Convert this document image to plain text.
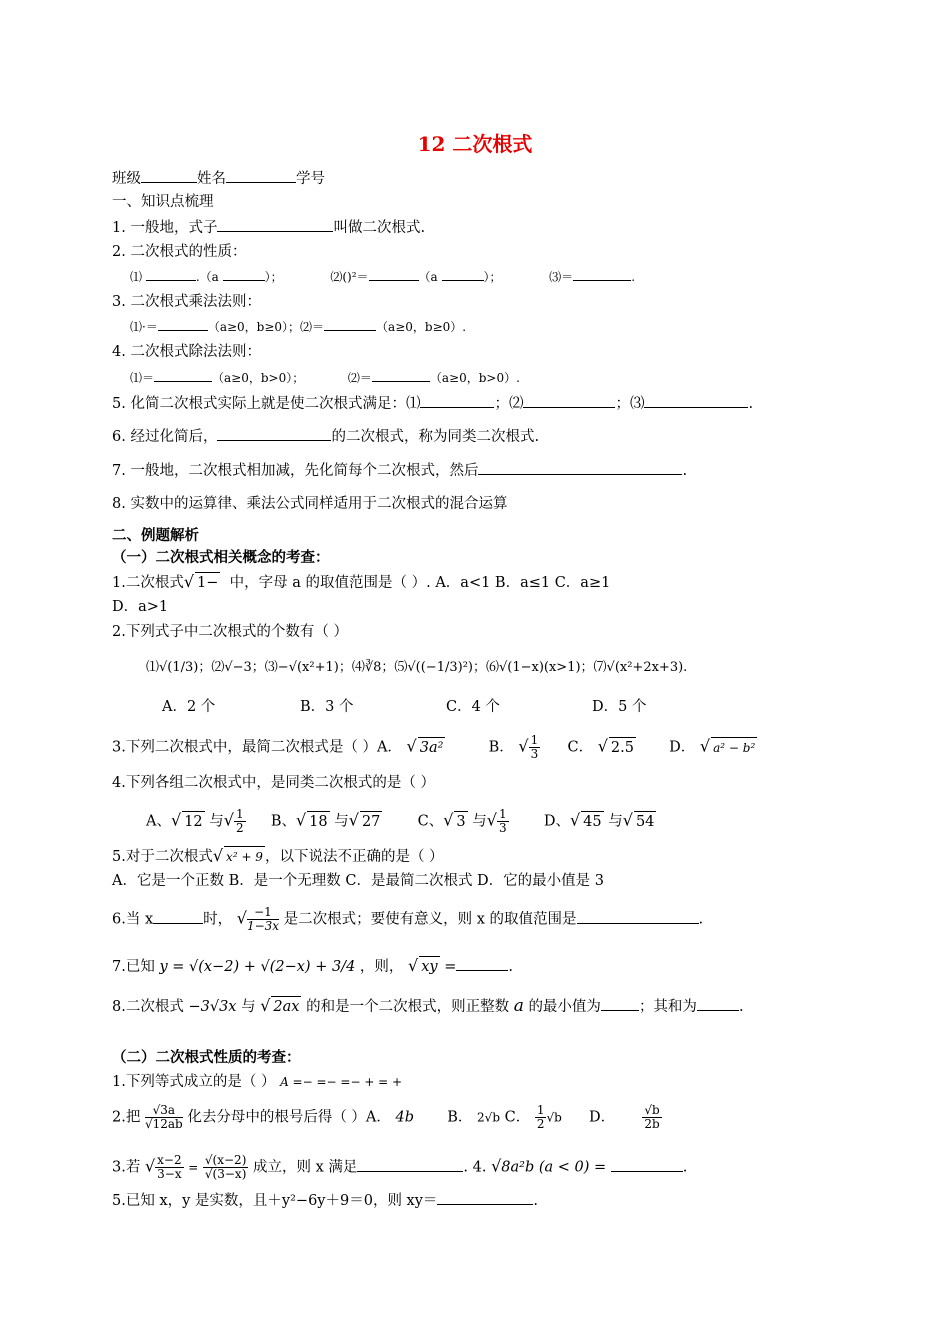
12 二次根式
班级	姓名	学号
一、知识点梳理
1. 一般地，式子	叫做二次根式.
2. 二次根式的性质：
⑴	.（a	）；	⑵()²＝	（a	）；	⑶＝	.
3. 二次根式乘法法则：
⑴·＝	（a≥0，b≥0）；⑵＝	（a≥0，b≥0）.
4. 二次根式除法法则：
⑴＝	（a≥0，b>0）；	⑵＝	（a≥0，b>0）.
5. 化简二次根式实际上就是使二次根式满足：⑴	；⑵	；⑶	.
6. 经过化简后，	的二次根式，称为同类二次根式.
7. 一般地，二次根式相加减，先化简每个二次根式，然后	.
8. 实数中的运算律、乘法公式同样适用于二次根式的混合运算
二、例题解析
（一）二次根式相关概念的考查：
1.二次根式√ 1− 中，字母 a 的取值范围是（ ）. A．a<1 B．a≤1 C．a≥1
D．a>1
2.下列式子中二次根式的个数有（ ）
⑴√(1/3)；⑵√−3；⑶−√(x²+1)；⑷∛8；⑸√((−1/3)²)；⑹√(1−x)(x>1)；⑺√(x²+2x+3).
A．2 个	B．3 个	C．4 个	D．5 个
3.下列二次根式中，最简二次根式是（ ）A． √ 3a²	B． √ $\frac{1}{3}$ C． √ 2.5 D． √ a² − b²
4.下列各组二次根式中，是同类二次根式的是（ ）
A、√ 12 与√ $\frac{1}{2}$ B、√ 18 与√ 27	C、√ 3 与√ $\frac{1}{3}$ D、√ 45 与√ 54
5.对于二次根式√ x² + 9 ，以下说法不正确的是（ ）
A．它是一个正数 B．是一个无理数 C．是最简二次根式 D．它的最小值是 3
6.当 x	时， √ $\frac{-1}{1-3x}$ 是二次根式；要使有意义，则 x 的取值范围是	.
7.已知 y = √(x−2) + √(2−x) + 3/4 ，则， √ xy =	.
8.二次根式 −3√3x 与 √ 2ax 的和是一个二次根式，则正整数 a 的最小值为	；其和为	.
（二）二次根式性质的考查：
1.下列等式成立的是（ ） A =− =− =− + = +
2.把 $\frac{√3a}{√12ab}$ 化去分母中的根号后得（ ）A． 4b B． 2√b C． $\frac{1}{2} √b$ D． $\frac{√b}{2b}$
3.若 √ $\frac{x-2}{3-x} = \frac{√(x-2)}{√(3-x)}$ 成立，则 x 满足	. 4. √8a²b (a < 0) =	.
5.已知 x，y 是实数，且＋y²−6y＋9＝0，则 xy＝	.
